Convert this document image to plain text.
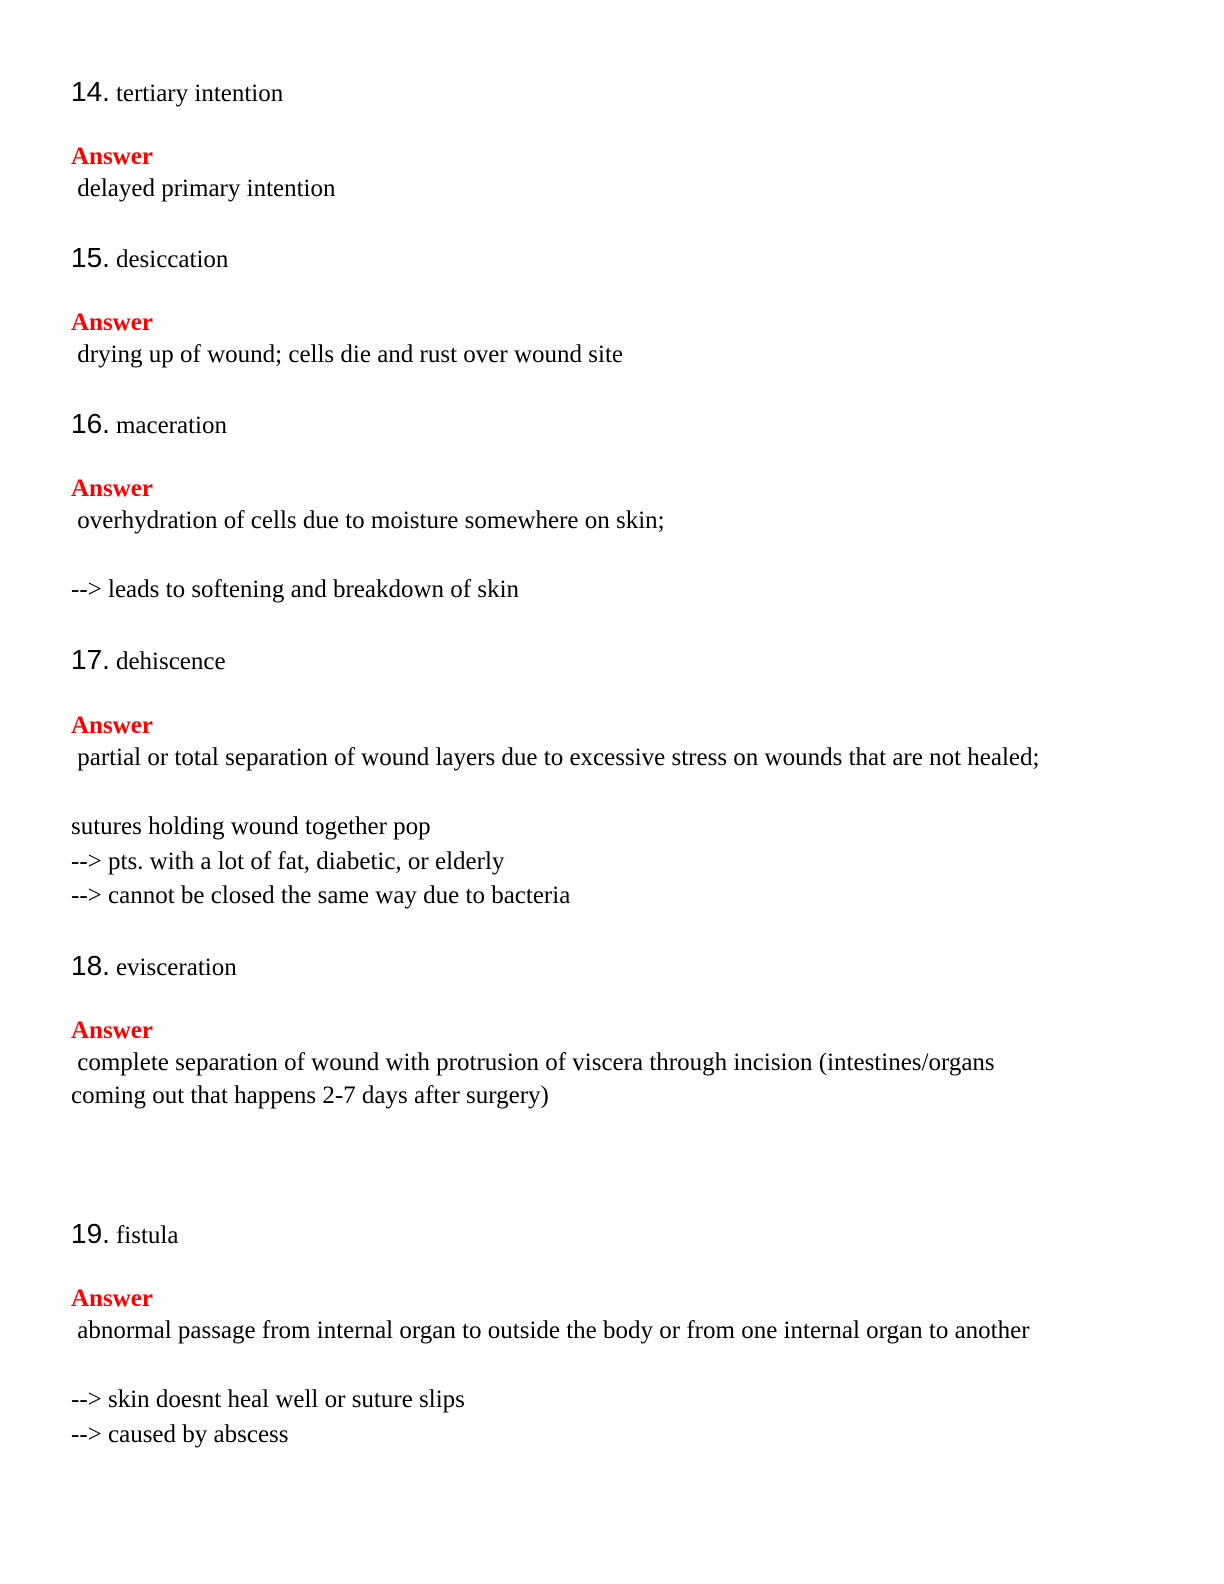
14. tertiary intention
Answer
delayed primary intention
15. desiccation
Answer
drying up of wound; cells die and rust over wound site
16. maceration
Answer
overhydration of cells due to moisture somewhere on skin;
--> leads to softening and breakdown of skin
17. dehiscence
Answer
partial or total separation of wound layers due to excessive stress on wounds that are not healed;
sutures holding wound together pop
--> pts. with a lot of fat, diabetic, or elderly
--> cannot be closed the same way due to bacteria
18. evisceration
Answer
complete separation of wound with protrusion of viscera through incision (intestines/organs
coming out that happens 2-7 days after surgery)
19. fistula
Answer
abnormal passage from internal organ to outside the body or from one internal organ to another
--> skin doesnt heal well or suture slips
--> caused by abscess
